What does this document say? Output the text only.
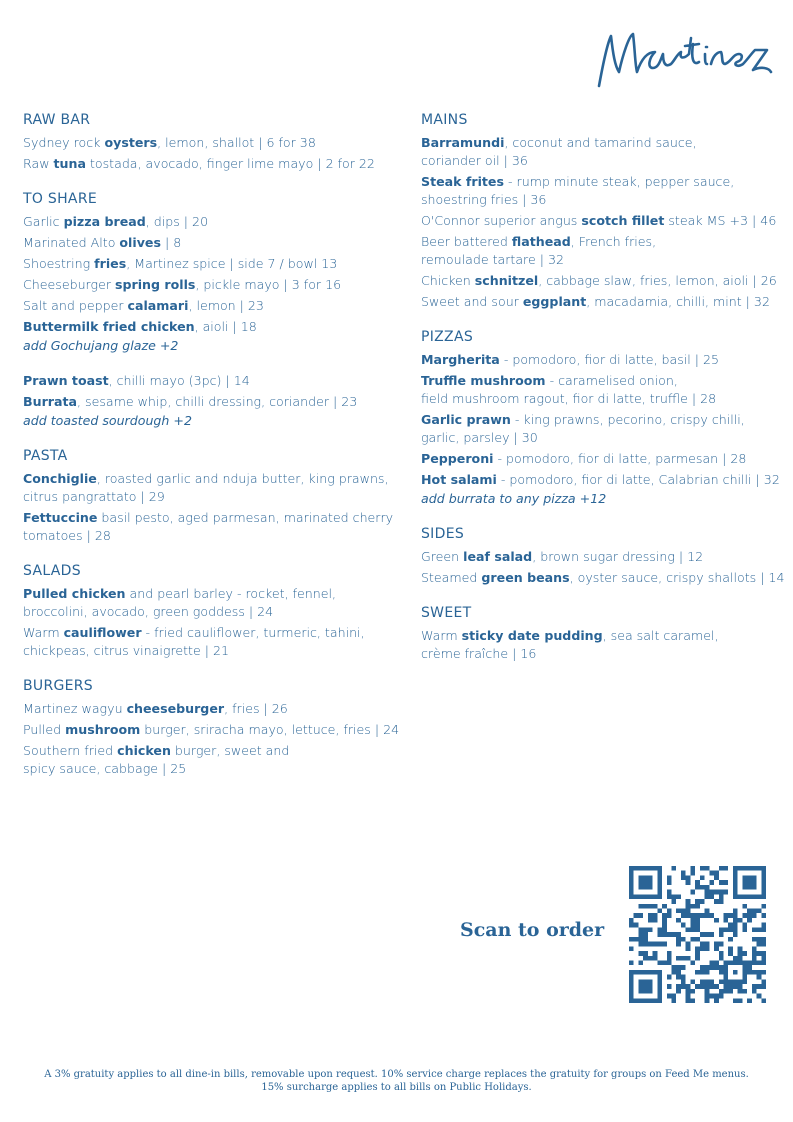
RAW BAR
Sydney rock oysters, lemon, shallot | 6 for 38
Raw tuna tostada, avocado, finger lime mayo | 2 for 22
TO SHARE
Garlic pizza bread, dips | 20
Marinated Alto olives | 8
Shoestring fries, Martinez spice | side 7 / bowl 13
Cheeseburger spring rolls, pickle mayo | 3 for 16
Salt and pepper calamari, lemon | 23
Buttermilk fried chicken, aioli | 18
add Gochujang glaze +2
Prawn toast, chilli mayo (3pc) | 14
Burrata, sesame whip, chilli dressing, coriander | 23
add toasted sourdough +2
PASTA
Conchiglie, roasted garlic and nduja butter, king prawns,
citrus pangrattato | 29
Fettuccine basil pesto, aged parmesan, marinated cherry
tomatoes | 28
SALADS
Pulled chicken and pearl barley - rocket, fennel,
broccolini, avocado, green goddess | 24
Warm cauliflower - fried cauliflower, turmeric, tahini,
chickpeas, citrus vinaigrette | 21
BURGERS
Martinez wagyu cheeseburger, fries | 26
Pulled mushroom burger, sriracha mayo, lettuce, fries | 24
Southern fried chicken burger, sweet and
spicy sauce, cabbage | 25
MAINS
Barramundi, coconut and tamarind sauce,
coriander oil | 36
Steak frites - rump minute steak, pepper sauce,
shoestring fries | 36
O'Connor superior angus scotch fillet steak MS +3 | 46
Beer battered flathead, French fries,
remoulade tartare | 32
Chicken schnitzel, cabbage slaw, fries, lemon, aioli | 26
Sweet and sour eggplant, macadamia, chilli, mint | 32
PIZZAS
Margherita - pomodoro, fior di latte, basil | 25
Truffle mushroom - caramelised onion,
field mushroom ragout, fior di latte, truffle | 28
Garlic prawn - king prawns, pecorino, crispy chilli,
garlic, parsley | 30
Pepperoni - pomodoro, fior di latte, parmesan | 28
Hot salami - pomodoro, fior di latte, Calabrian chilli | 32
add burrata to any pizza +12
SIDES
Green leaf salad, brown sugar dressing | 12
Steamed green beans, oyster sauce, crispy shallots | 14
SWEET
Warm sticky date pudding, sea salt caramel,
crème fraîche | 16
Scan to order
A 3% gratuity applies to all dine-in bills, removable upon request. 10% service charge replaces the gratuity for groups on Feed Me menus.
15% surcharge applies to all bills on Public Holidays.
